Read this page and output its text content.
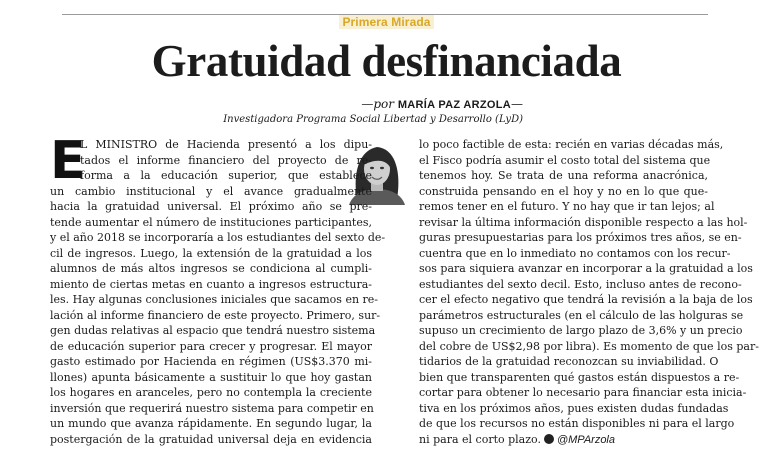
Primera Mirada
Gratuidad desfinanciada
—por MARÍA PAZ ARZOLA—
Investigadora Programa Social Libertad y Desarrollo (LyD)
E
L MINISTRO de Hacienda presentó a los dipu-
tados el informe financiero del proyecto de re-
forma a la educación superior, que establece
un cambio institucional y el avance gradualmente
hacia la gratuidad universal. El próximo año se pre-
tende aumentar el número de instituciones participantes,
y el año 2018 se incorporaría a los estudiantes del sexto de-
cil de ingresos. Luego, la extensión de la gratuidad a los
alumnos de más altos ingresos se condiciona al cumpli-
miento de ciertas metas en cuanto a ingresos estructura-
les. Hay algunas conclusiones iniciales que sacamos en re-
lación al informe financiero de este proyecto. Primero, sur-
gen dudas relativas al espacio que tendrá nuestro sistema
de educación superior para crecer y progresar. El mayor
gasto estimado por Hacienda en régimen (US$3.370 mi-
llones) apunta básicamente a sustituir lo que hoy gastan
los hogares en aranceles, pero no contempla la creciente
inversión que requerirá nuestro sistema para competir en
un mundo que avanza rápidamente. En segundo lugar, la
postergación de la gratuidad universal deja en evidencia
lo poco factible de esta: recién en varias décadas más,
el Fisco podría asumir el costo total del sistema que
tenemos hoy. Se trata de una reforma anacrónica,
construida pensando en el hoy y no en lo que que-
remos tener en el futuro. Y no hay que ir tan lejos; al
revisar la última información disponible respecto a las hol-
guras presupuestarias para los próximos tres años, se en-
cuentra que en lo inmediato no contamos con los recur-
sos para siquiera avanzar en incorporar a la gratuidad a los
estudiantes del sexto decil. Esto, incluso antes de recono-
cer el efecto negativo que tendrá la revisión a la baja de los
parámetros estructurales (en el cálculo de las holguras se
supuso un crecimiento de largo plazo de 3,6% y un precio
del cobre de US$2,98 por libra). Es momento de que los par-
tidarios de la gratuidad reconozcan su inviabilidad. O
bien que transparenten qué gastos están dispuestos a re-
cortar para obtener lo necesario para financiar esta inicia-
tiva en los próximos años, pues existen dudas fundadas
de que los recursos no están disponibles ni para el largo
ni para el corto plazo. @MPArzola
